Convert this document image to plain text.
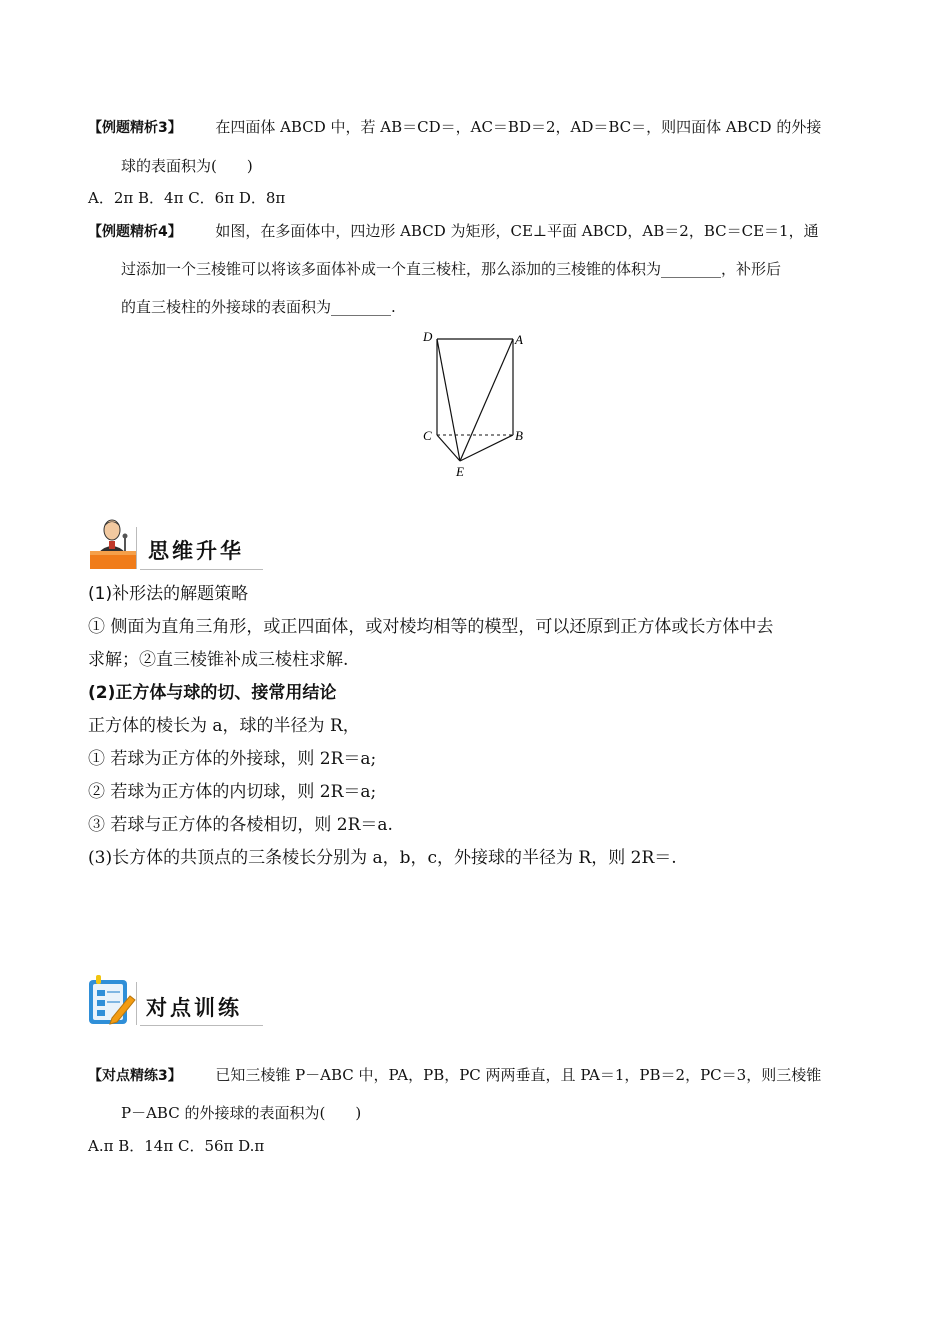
【例题精析3】 在四面体 ABCD 中，若 AB＝CD＝，AC＝BD＝2，AD＝BC＝，则四面体 ABCD 的外接
球的表面积为(　　)
A．2π B．4π C．6π D．8π
【例题精析4】 如图，在多面体中，四边形 ABCD 为矩形，CE⊥平面 ABCD，AB＝2，BC＝CE＝1，通
过添加一个三棱锥可以将该多面体补成一个直三棱柱，那么添加的三棱锥的体积为________，补形后
的直三棱柱的外接球的表面积为________.
D	A
C	B
E
思维升华
(1)补形法的解题策略
① 侧面为直角三角形，或正四面体，或对棱均相等的模型，可以还原到正方体或长方体中去
求解；②直三棱锥补成三棱柱求解.
(2)正方体与球的切、接常用结论
正方体的棱长为 a，球的半径为 R，
① 若球为正方体的外接球，则 2R＝a;
② 若球为正方体的内切球，则 2R＝a;
③ 若球与正方体的各棱相切，则 2R＝a.
(3)长方体的共顶点的三条棱长分别为 a，b，c，外接球的半径为 R，则 2R＝.
对点训练
【对点精练3】 已知三棱锥 P－ABC 中，PA，PB，PC 两两垂直，且 PA＝1，PB＝2，PC＝3，则三棱锥
P－ABC 的外接球的表面积为(　　)
A.π B．14π C．56π D.π
